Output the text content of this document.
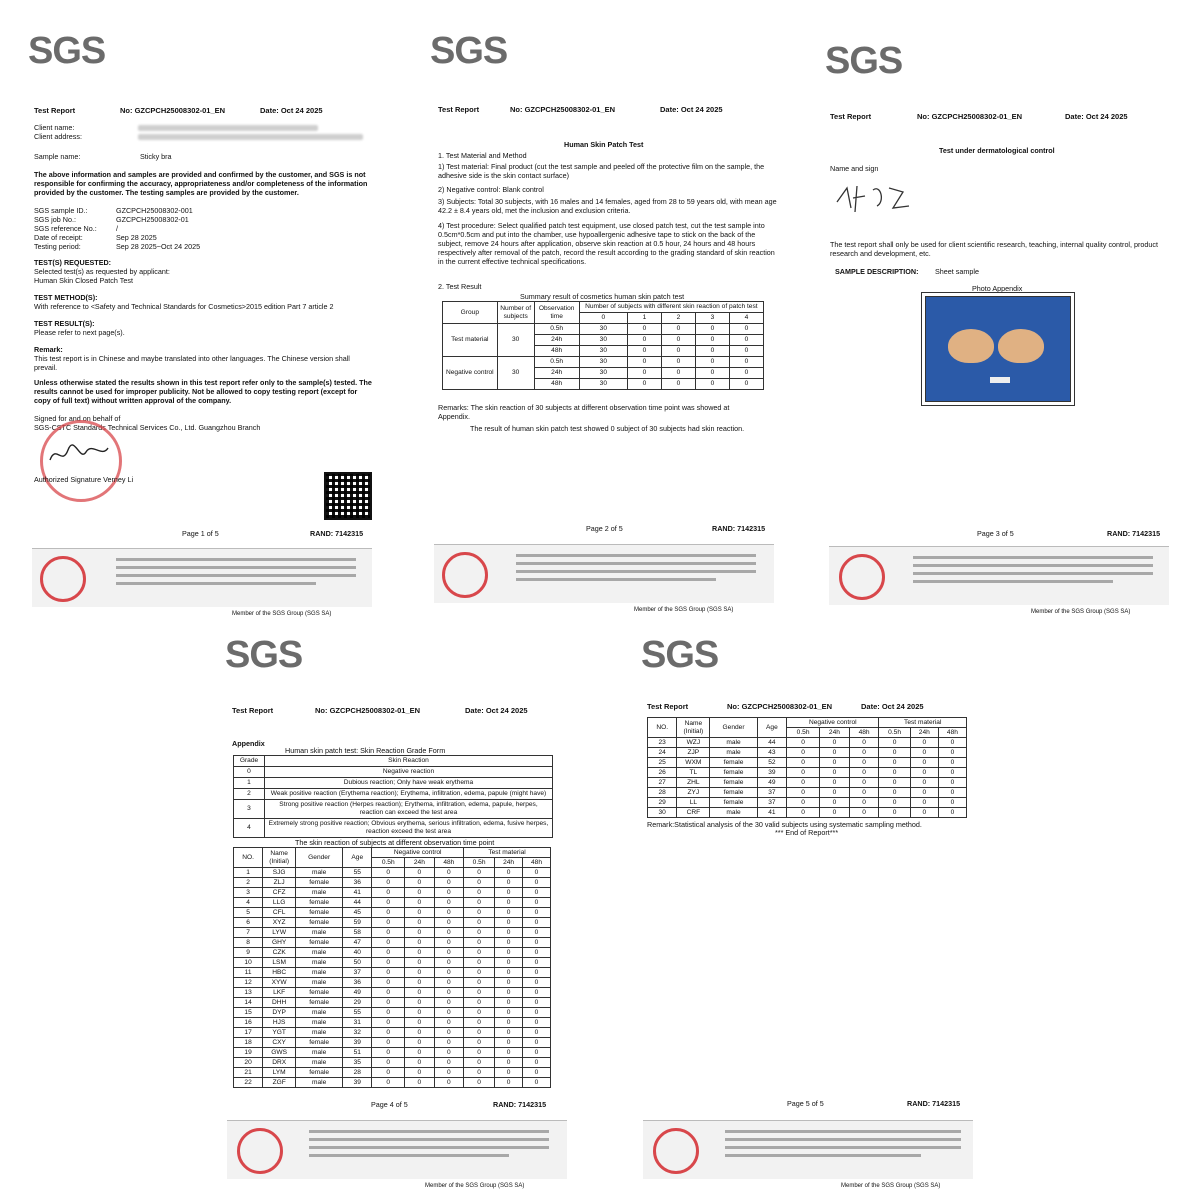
SGS
Test Report	No: GZCPCH25008302-01_EN	Date: Oct 24 2025
Client name:
Client address:
Sample name:	Sticky bra
The above information and samples are provided and confirmed by the customer, and SGS is not responsible for confirming the accuracy, appropriateness and/or completeness of the information provided by the customer. The testing samples are provided by the customer.
SGS sample ID.:	GZCPCH25008302-001
SGS job No.:	GZCPCH25008302-01
SGS reference No.:	/
Date of receipt:	Sep 28 2025
Testing period:	Sep 28 2025~Oct 24 2025
TEST(S) REQUESTED:
Selected test(s) as requested by applicant:
Human Skin Closed Patch Test
TEST METHOD(S):
With reference to <Safety and Technical Standards for Cosmetics>2015 edition Part 7 article 2
TEST RESULT(S):
Please refer to next page(s).
Remark:
This test report is in Chinese and maybe translated into other languages. The Chinese version shall prevail.
Unless otherwise stated the results shown in this test report refer only to the sample(s) tested. The results cannot be used for improper publicity. Not be allowed to copy testing report (except for copy of full text) without written approval of the company.
Signed for and on behalf of
SGS-CSTC Standards Technical Services Co., Ltd. Guangzhou Branch
Authorized Signature Verney Li
Page 1 of 5	RAND: 7142315
Member of the SGS Group (SGS SA)
SGS
Test Report	No: GZCPCH25008302-01_EN	Date: Oct 24 2025
Human Skin Patch Test
1. Test Material and Method
1) Test material: Final product (cut the test sample and peeled off the protective film on the sample, the adhesive side is the skin contact surface)
2) Negative control: Blank control
3) Subjects: Total 30 subjects, with 16 males and 14 females, aged from 28 to 59 years old, with mean age 42.2 ± 8.4 years old, met the inclusion and exclusion criteria.
4) Test procedure: Select qualified patch test equipment, use closed patch test, cut the test sample into 0.5cm*0.5cm and put into the chamber, use hypoallergenic adhesive tape to stick on the back of the subject, remove 24 hours after application, observe skin reaction at 0.5 hour, 24 hours and 48 hours respectively after removal of the patch, record the result according to the grading standard of skin reaction in the current effective technical specifications.
2. Test Result
Summary result of cosmetics human skin patch test
Group	Number of subjects	Observation time	Number of subjects with different skin reaction of patch test				
			0	1	2	3	4
Test material	30	0.5h	30	0	0	0	0
		24h	30	0	0	0	0
		48h	30	0	0	0	0
Negative control	30	0.5h	30	0	0	0	0
		24h	30	0	0	0	0
		48h	30	0	0	0	0
Remarks: The skin reaction of 30 subjects at different observation time point was showed at Appendix.
The result of human skin patch test showed 0 subject of 30 subjects had skin reaction.
Page 2 of 5	RAND: 7142315
Member of the SGS Group (SGS SA)
SGS
Test Report	No: GZCPCH25008302-01_EN	Date: Oct 24 2025
Test under dermatological control
Name and sign
The test report shall only be used for client scientific research, teaching, internal quality control, product research and development, etc.
SAMPLE DESCRIPTION: Sheet sample
Photo Appendix
Page 3 of 5	RAND: 7142315
Member of the SGS Group (SGS SA)
SGS
Test Report	No: GZCPCH25008302-01_EN	Date: Oct 24 2025
Appendix
Human skin patch test: Skin Reaction Grade Form
Grade	Skin Reaction
0	Negative reaction
1	Dubious reaction; Only have weak erythema
2	Weak positive reaction (Erythema reaction); Erythema, infiltration, edema, papule (might have)
3	Strong positive reaction (Herpes reaction); Erythema, infiltration, edema, papule, herpes, reaction can exceed the test area
4	Extremely strong positive reaction; Obvious erythema, serious infiltration, edema, fusive herpes, reaction exceed the test area
The skin reaction of subjects at different observation time point
NO.	Name (Initial)	Gender	Age	Negative control			Test material		
				0.5h	24h	48h	0.5h	24h	48h
1	SJG	male	55	0	0	0	0	0	0
2	ZLJ	female	36	0	0	0	0	0	0
3	CFZ	male	41	0	0	0	0	0	0
4	LLG	female	44	0	0	0	0	0	0
5	CFL	female	45	0	0	0	0	0	0
6	XYZ	female	59	0	0	0	0	0	0
7	LYW	male	58	0	0	0	0	0	0
8	GHY	female	47	0	0	0	0	0	0
9	CZK	male	40	0	0	0	0	0	0
10	LSM	male	50	0	0	0	0	0	0
11	HBC	male	37	0	0	0	0	0	0
12	XYW	male	36	0	0	0	0	0	0
13	LKF	female	49	0	0	0	0	0	0
14	DHH	female	29	0	0	0	0	0	0
15	DYP	male	55	0	0	0	0	0	0
16	HJS	male	31	0	0	0	0	0	0
17	YGT	male	32	0	0	0	0	0	0
18	CXY	female	39	0	0	0	0	0	0
19	GWS	male	51	0	0	0	0	0	0
20	DRX	male	35	0	0	0	0	0	0
21	LYM	female	28	0	0	0	0	0	0
22	ZGF	male	39	0	0	0	0	0	0
Page 4 of 5	RAND: 7142315
Member of the SGS Group (SGS SA)
SGS
Test Report	No: GZCPCH25008302-01_EN	Date: Oct 24 2025
NO.	Name (Initial)	Gender	Age	Negative control			Test material		
				0.5h	24h	48h	0.5h	24h	48h
23	WZJ	male	44	0	0	0	0	0	0
24	ZJP	male	43	0	0	0	0	0	0
25	WXM	female	52	0	0	0	0	0	0
26	TL	female	39	0	0	0	0	0	0
27	ZHL	female	49	0	0	0	0	0	0
28	ZYJ	female	37	0	0	0	0	0	0
29	LL	female	37	0	0	0	0	0	0
30	CRF	male	41	0	0	0	0	0	0
Remark:Statistical analysis of the 30 valid subjects using systematic sampling method.
*** End of Report***
Page 5 of 5	RAND: 7142315
Member of the SGS Group (SGS SA)
